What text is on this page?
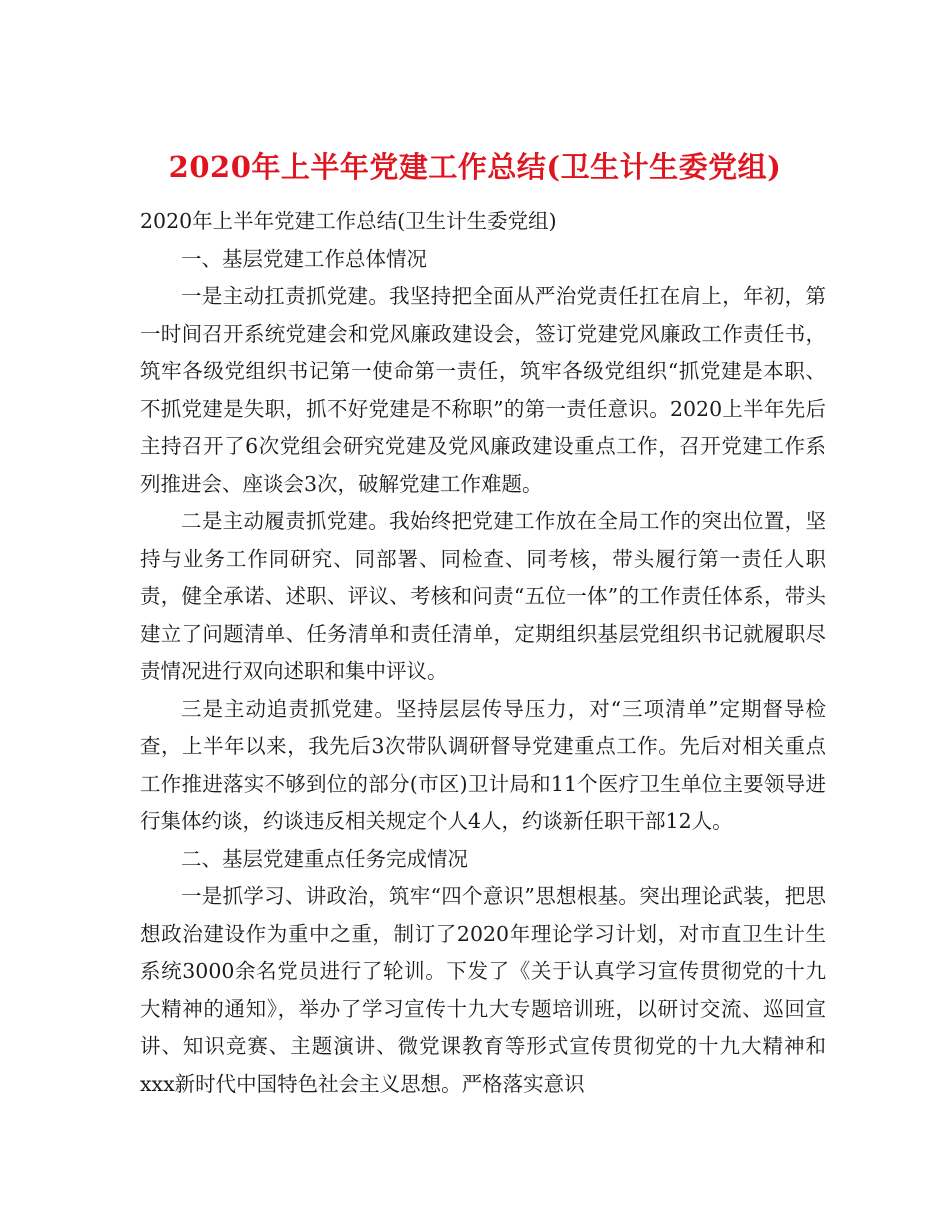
2020年上半年党建工作总结(卫生计生委党组)

2020年上半年党建工作总结(卫生计生委党组)

一、基层党建工作总体情况

一是主动扛责抓党建。我坚持把全面从严治党责任扛在肩上，年初，第一时间召开系统党建会和党风廉政建设会，签订党建党风廉政工作责任书，筑牢各级党组织书记第一使命第一责任，筑牢各级党组织“抓党建是本职、不抓党建是失职，抓不好党建是不称职”的第一责任意识。2020上半年先后主持召开了6次党组会研究党建及党风廉政建设重点工作，召开党建工作系列推进会、座谈会3次，破解党建工作难题。

二是主动履责抓党建。我始终把党建工作放在全局工作的突出位置，坚持与业务工作同研究、同部署、同检查、同考核，带头履行第一责任人职责，健全承诺、述职、评议、考核和问责“五位一体”的工作责任体系，带头建立了问题清单、任务清单和责任清单，定期组织基层党组织书记就履职尽责情况进行双向述职和集中评议。

三是主动追责抓党建。坚持层层传导压力，对“三项清单”定期督导检查，上半年以来，我先后3次带队调研督导党建重点工作。先后对相关重点工作推进落实不够到位的部分(市区)卫计局和11个医疗卫生单位主要领导进行集体约谈，约谈违反相关规定个人4人，约谈新任职干部12人。

二、基层党建重点任务完成情况

一是抓学习、讲政治，筑牢“四个意识”思想根基。突出理论武装，把思想政治建设作为重中之重，制订了2020年理论学习计划，对市直卫生计生系统3000余名党员进行了轮训。下发了《关于认真学习宣传贯彻党的十九大精神的通知》，举办了学习宣传十九大专题培训班，以研讨交流、巡回宣讲、知识竞赛、主题演讲、微党课教育等形式宣传贯彻党的十九大精神和xxx新时代中国特色社会主义思想。严格落实意识
